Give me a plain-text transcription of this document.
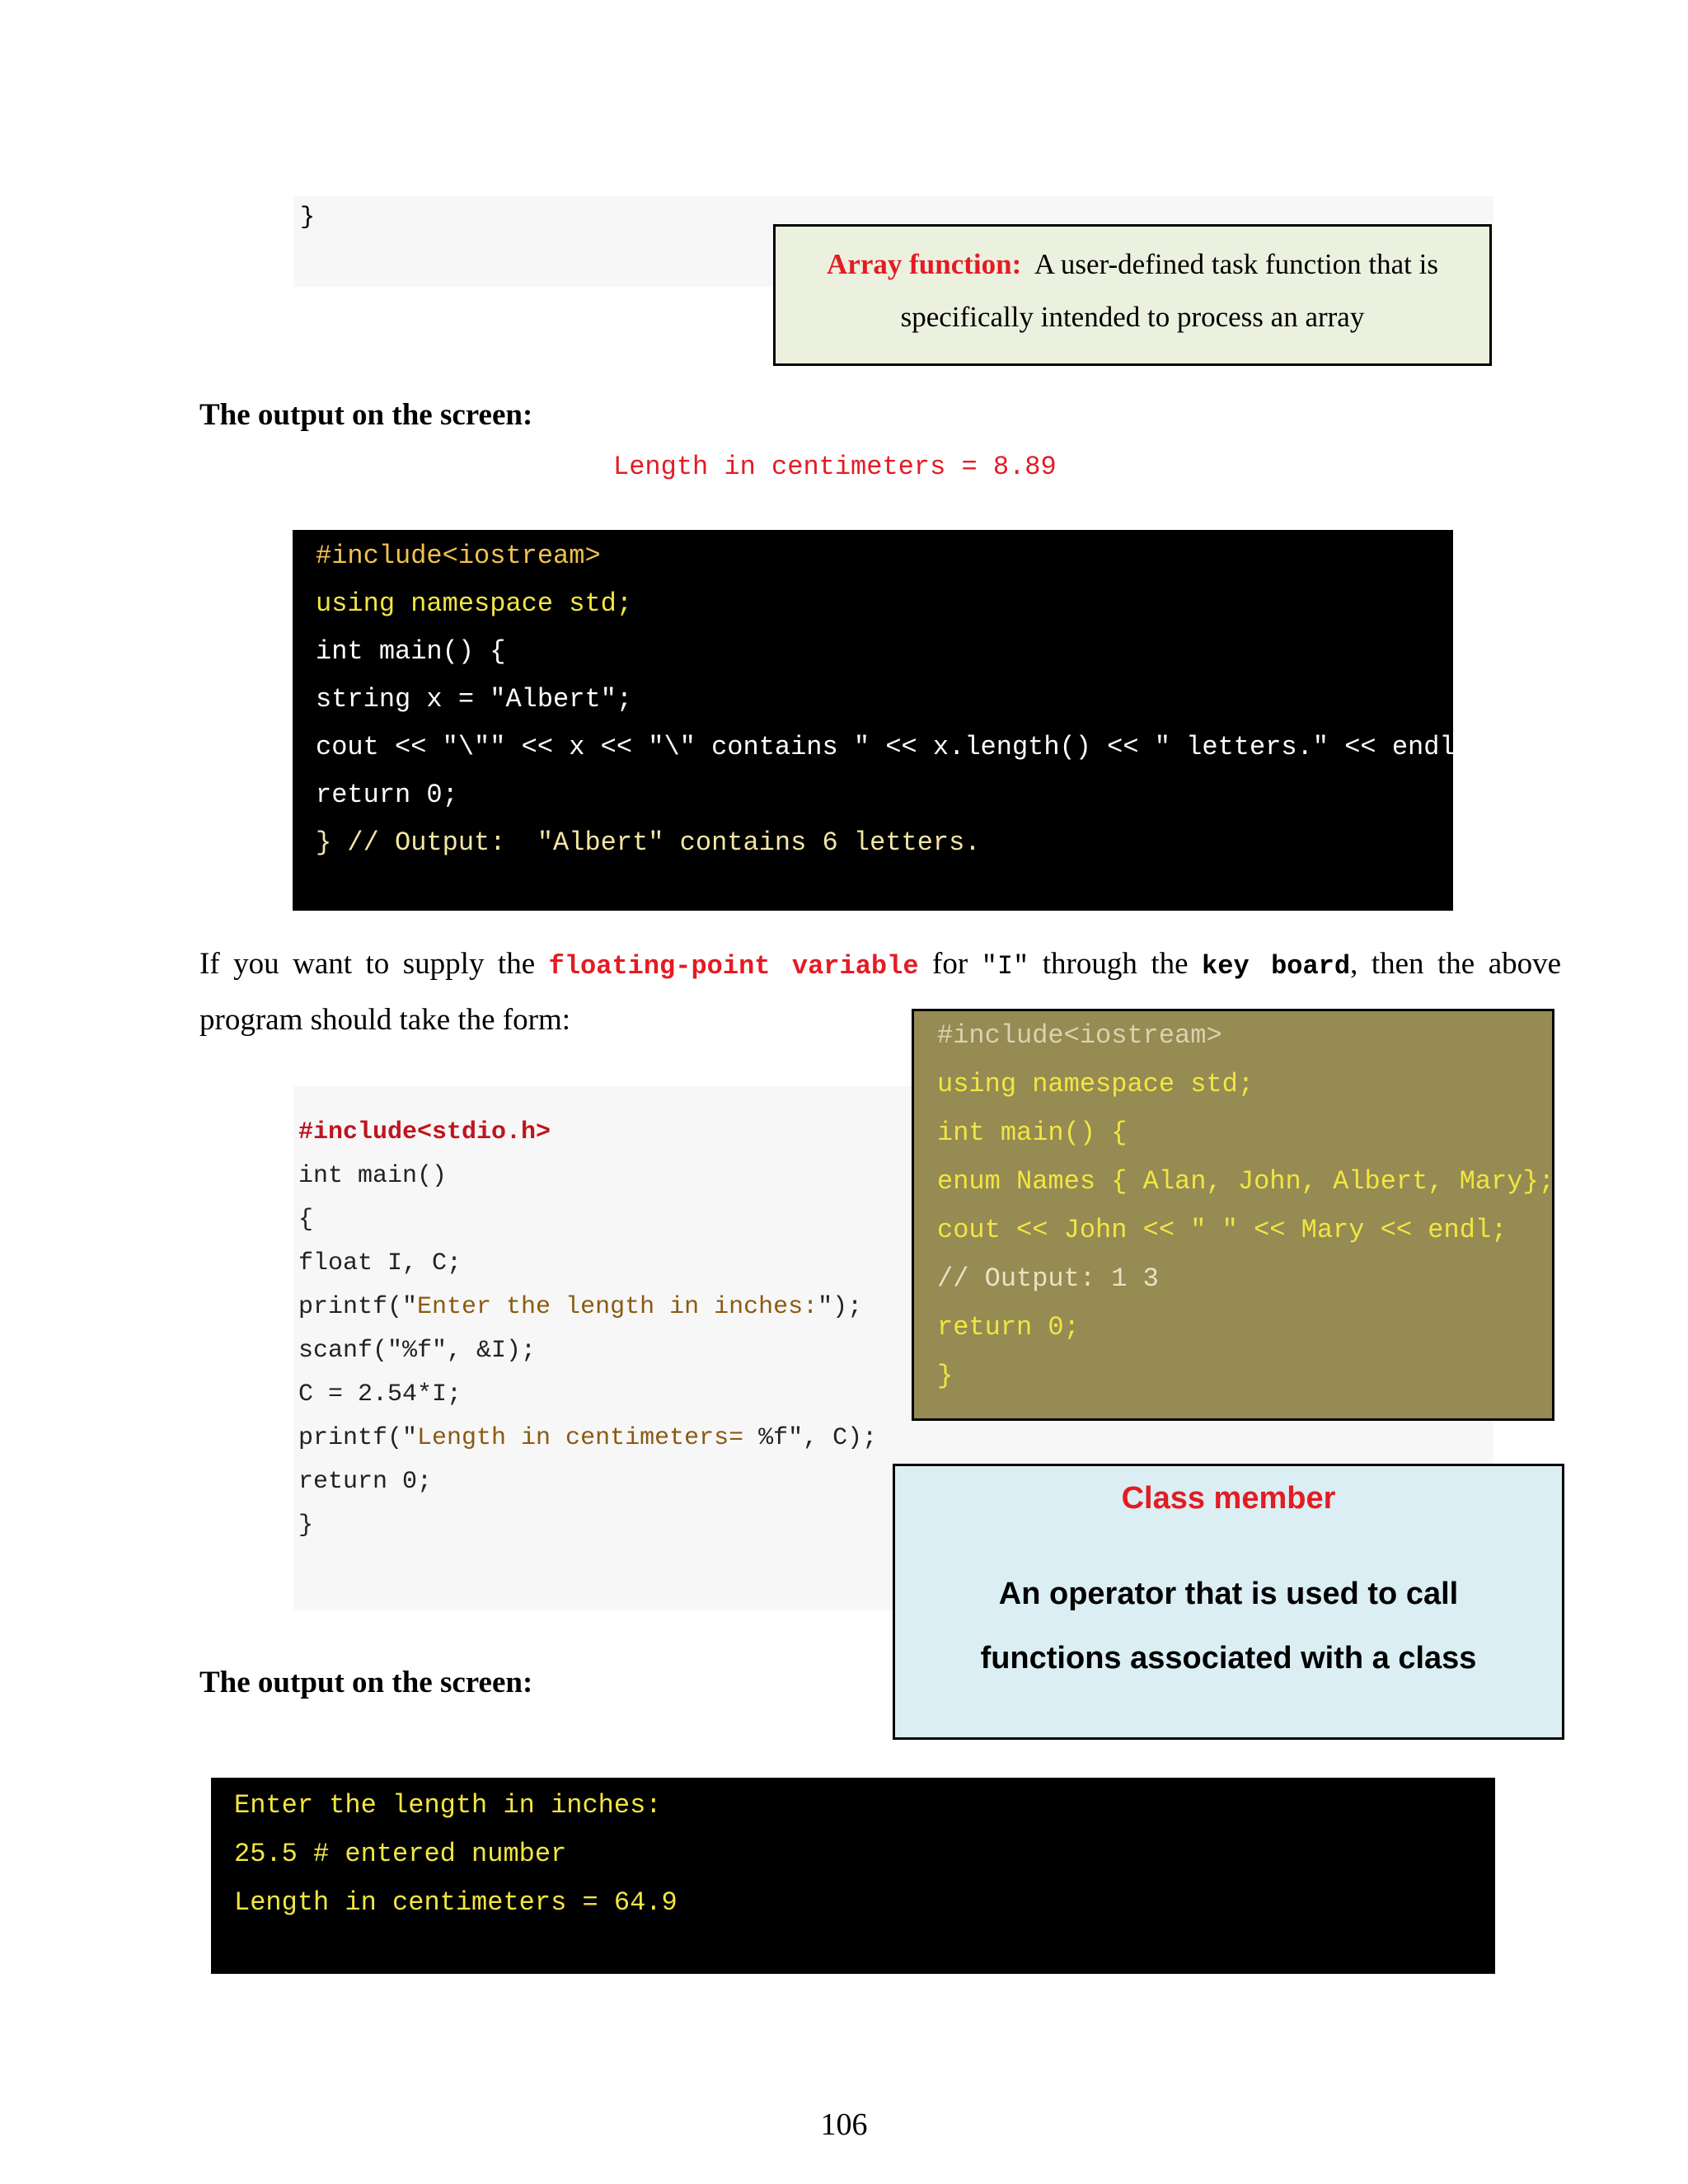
}
Array function: A user-defined task function that is
specifically intended to process an array
The output on the screen:
Length in centimeters = 8.89
#include<iostream>
using namespace std;
int main() {
string x = "Albert";
cout << "\"" << x << "\" contains " << x.length() << " letters." << endl;
return 0;
} // Output:  "Albert" contains 6 letters.
If you want to supply the floating-point variable for "I" through the key board, then the above
program should take the form:
#include<stdio.h>
int main()
{
float I, C;
printf("Enter the length in inches:");
scanf("%f", &I);
C = 2.54*I;
printf("Length in centimeters= %f", C);
return 0;
}
#include<iostream>
using namespace std;
int main() {
enum Names { Alan, John, Albert, Mary};
cout << John << " " << Mary << endl;
// Output: 1 3
return 0;
}
Class member
An operator that is used to call
functions associated with a class
The output on the screen:
Enter the length in inches:
25.5 # entered number
Length in centimeters = 64.9
106
